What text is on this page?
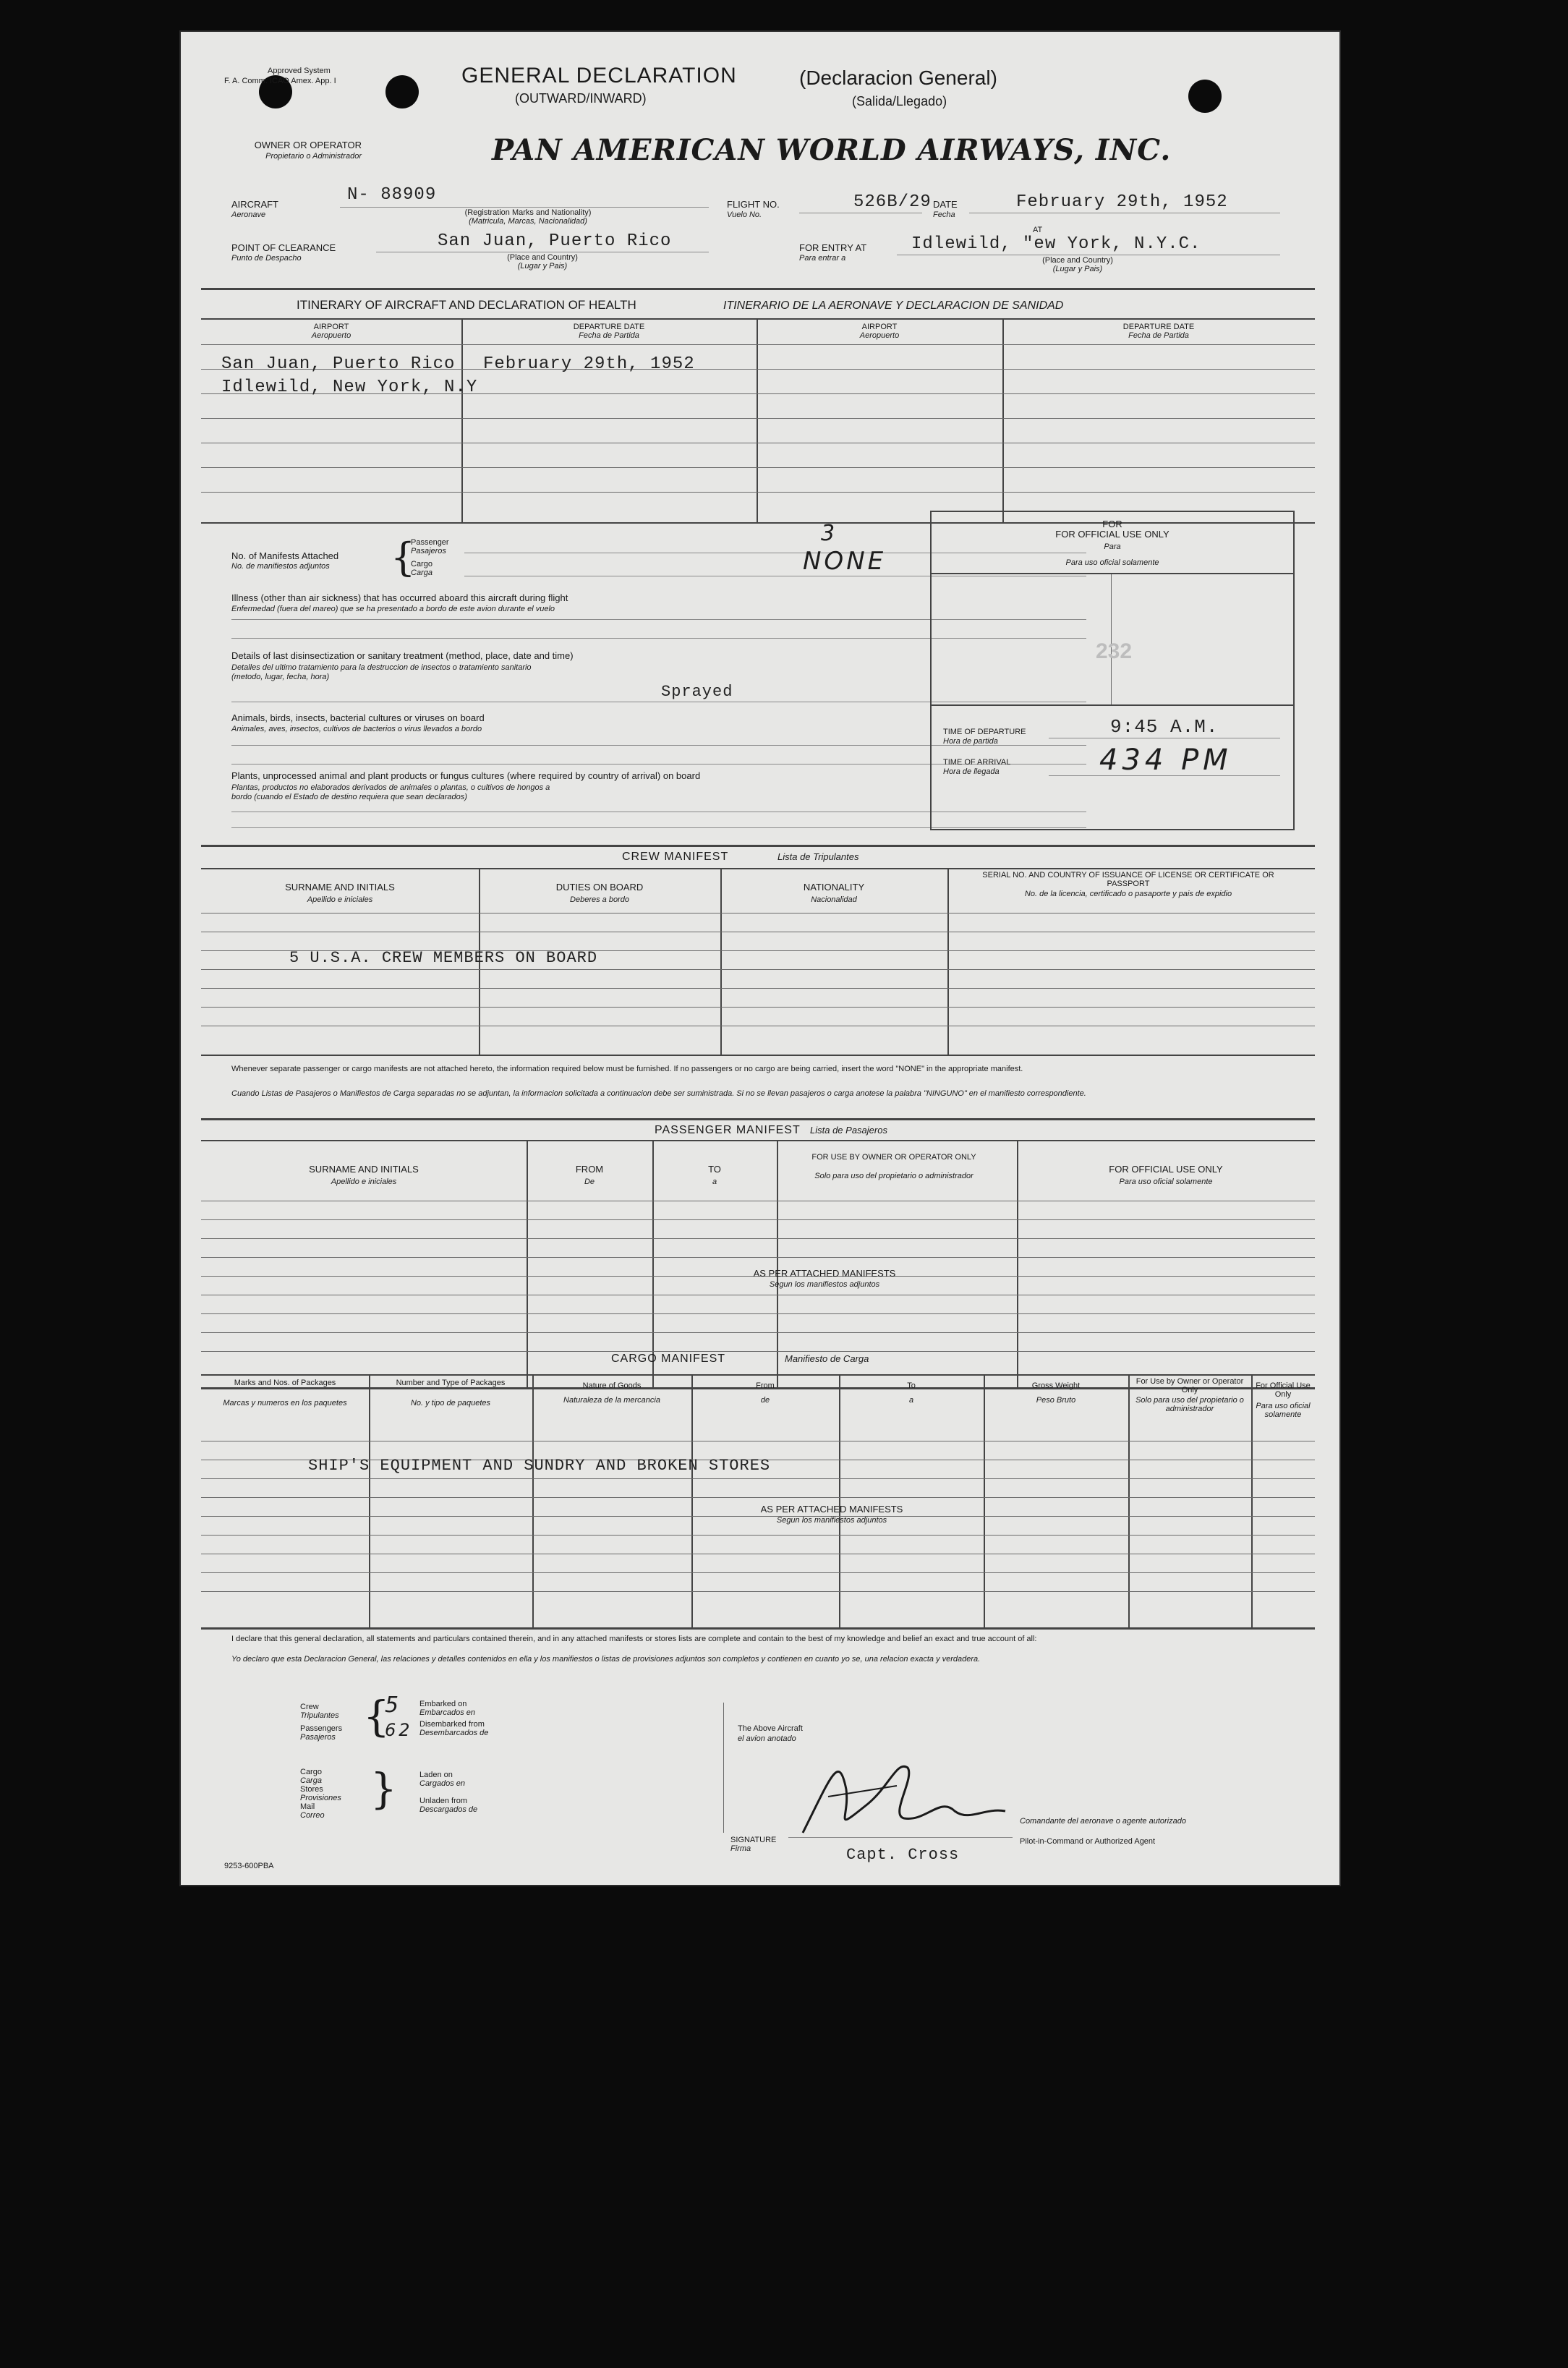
Approved System
F. A. Comm. ICAO Amex. App. I	GENERAL DECLARATION	(Declaracion General)
(OUTWARD/INWARD)	(Salida/Llegado)
OWNER OR OPERATOR
Propietario o Administrador	PAN AMERICAN WORLD AIRWAYS, INC.
AIRCRAFT
Aeronave
N- 88909
(Registration Marks and Nationality)
(Matricula, Marcas, Nacionalidad)
FLIGHT NO.
Vuelo No.
526B/29 DATE
Fecha
February 29th, 1952
POINT OF CLEARANCE
Punto de Despacho
San Juan, Puerto Rico
(Place and Country)
(Lugar y Pais)
FOR ENTRY AT
Para entrar a
AT
Idlewild, "ew York, N.Y.C.
(Place and Country)
(Lugar y Pais)
ITINERARY OF AIRCRAFT AND DECLARATION OF HEALTH	ITINERARIO DE LA AERONAVE Y DECLARACION DE SANIDAD
AIRPORT
Aeropuerto
DEPARTURE DATE
Fecha de Partida
AIRPORT
Aeropuerto
DEPARTURE DATE
Fecha de Partida
San Juan, Puerto Rico February 29th, 1952
Idlewild, New York, N.Y
No. of Manifests Attached
No. de manifiestos adjuntos {
Passenger
Pasajeros
Cargo
Carga
3
NONE
Illness (other than air sickness) that has occurred aboard this aircraft during flight
Enfermedad (fuera del mareo) que se ha presentado a bordo de este avion durante el vuelo
Details of last disinsectization or sanitary treatment (method, place, date and time)
Detalles del ultimo tratamiento para la destruccion de insectos o tratamiento sanitario
(metodo, lugar, fecha, hora)
Sprayed
Animals, birds, insects, bacterial cultures or viruses on board
Animales, aves, insectos, cultivos de bacterios o virus llevados a bordo
Plants, unprocessed animal and plant products or fungus cultures (where required by country of arrival) on board
Plantas, productos no elaborados derivados de animales o plantas, o cultivos de hongos a
bordo (cuando el Estado de destino requiera que sean declarados)
FOR
FOR OFFICIAL USE ONLY
Para
Para uso oficial solamente
232
TIME OF DEPARTURE
Hora de partida
9:45 A.M.
TIME OF ARRIVAL
Hora de llegada	434 PM
CREW MANIFEST	Lista de Tripulantes
SURNAME AND INITIALS
Apellido e iniciales
DUTIES ON BOARD
Deberes a bordo
NATIONALITY
Nacionalidad
SERIAL NO. AND COUNTRY OF ISSUANCE OF LICENSE OR CERTIFICATE OR PASSPORT
No. de la licencia, certificado o pasaporte y pais de expidio
5 U.S.A. CREW MEMBERS ON BOARD
Whenever separate passenger or cargo manifests are not attached hereto, the information required below must be furnished. If no passengers or no cargo are being carried, insert the word "NONE" in the appropriate manifest.
Cuando Listas de Pasajeros o Manifiestos de Carga separadas no se adjuntan, la informacion solicitada a continuacion debe ser suministrada. Si no se llevan pasajeros o carga anotese la palabra "NINGUNO" en el manifiesto correspondiente.
PASSENGER MANIFEST Lista de Pasajeros
SURNAME AND INITIALS
Apellido e iniciales
FROM
De
TO
a
FOR USE BY OWNER OR OPERATOR ONLY
Solo para uso del propietario o administrador
FOR OFFICIAL USE ONLY
Para uso oficial solamente
AS PER ATTACHED MANIFESTS
Segun los manifiestos adjuntos
CARGO MANIFEST	Manifiesto de Carga
Marks and Nos. of Packages
Marcas y numeros en los paquetes
Number and Type of Packages
No. y tipo de paquetes
Nature of Goods
Naturaleza de la mercancia
From
de
To
a
Gross Weight
Peso Bruto
For Use by Owner or Operator Only
Solo para uso del propietario o administrador
For Official Use Only
Para uso oficial solamente
SHIP'S EQUIPMENT AND SUNDRY AND BROKEN STORES
AS PER ATTACHED MANIFESTS
Segun los manifiestos adjuntos
I declare that this general declaration, all statements and particulars contained therein, and in any attached manifests or stores lists are complete and contain to the best of my knowledge and belief an exact and true account of all:
Yo declaro que esta Declaracion General, las relaciones y detalles contenidos en ella y los manifiestos o listas de provisiones adjuntos son completos y contienen en cuanto yo se, una relacion exacta y verdadera.
Crew
Tripulantes
Passengers
Pasajeros {
5
62
Embarked on
Embarcados en
Disembarked from
Desembarcados de
Cargo
Carga
Stores
Provisiones
Mail
Correo
}	Laden on
Cargados en
Unladen from
Descargados de
The Above Aircraft
el avion anotado
SIGNATURE
Firma	Capt. Cross
Comandante del aeronave o agente autorizado
Pilot-in-Command or Authorized Agent
9253-600PBA
